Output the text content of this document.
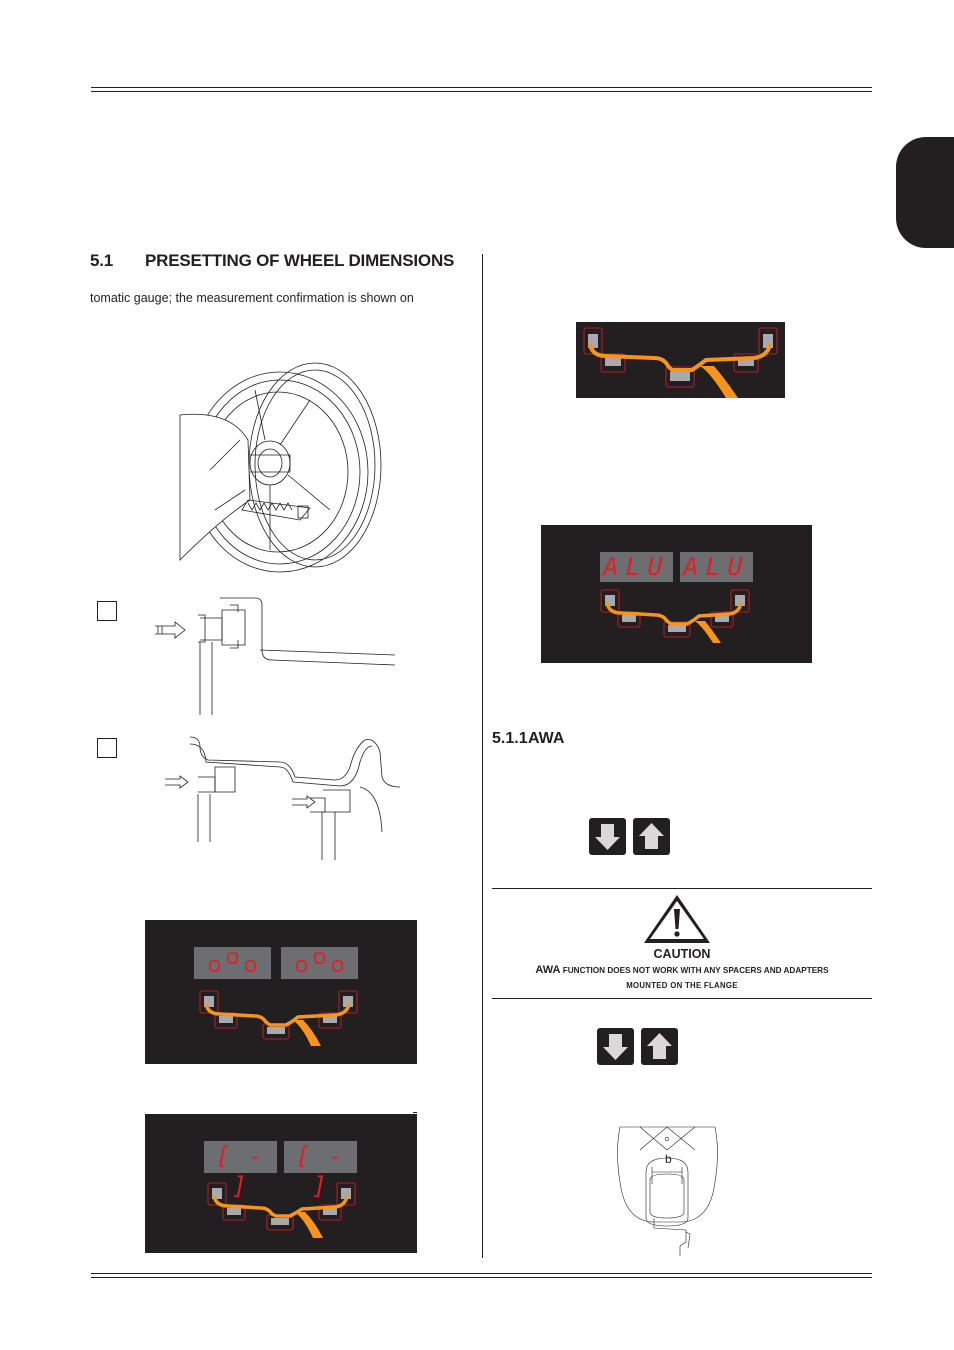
5.1 PRESETTING OF WHEEL DIMENSIONS
tomatic gauge; the measurement confirmation is shown on
ALU ALU
[ - ]
[ - ]
5.1.1AWA
CAUTION
AWA FUNCTION DOES NOT WORK WITH ANY SPACERS AND ADAPTERS
MOUNTED ON THE FLANGE
b
